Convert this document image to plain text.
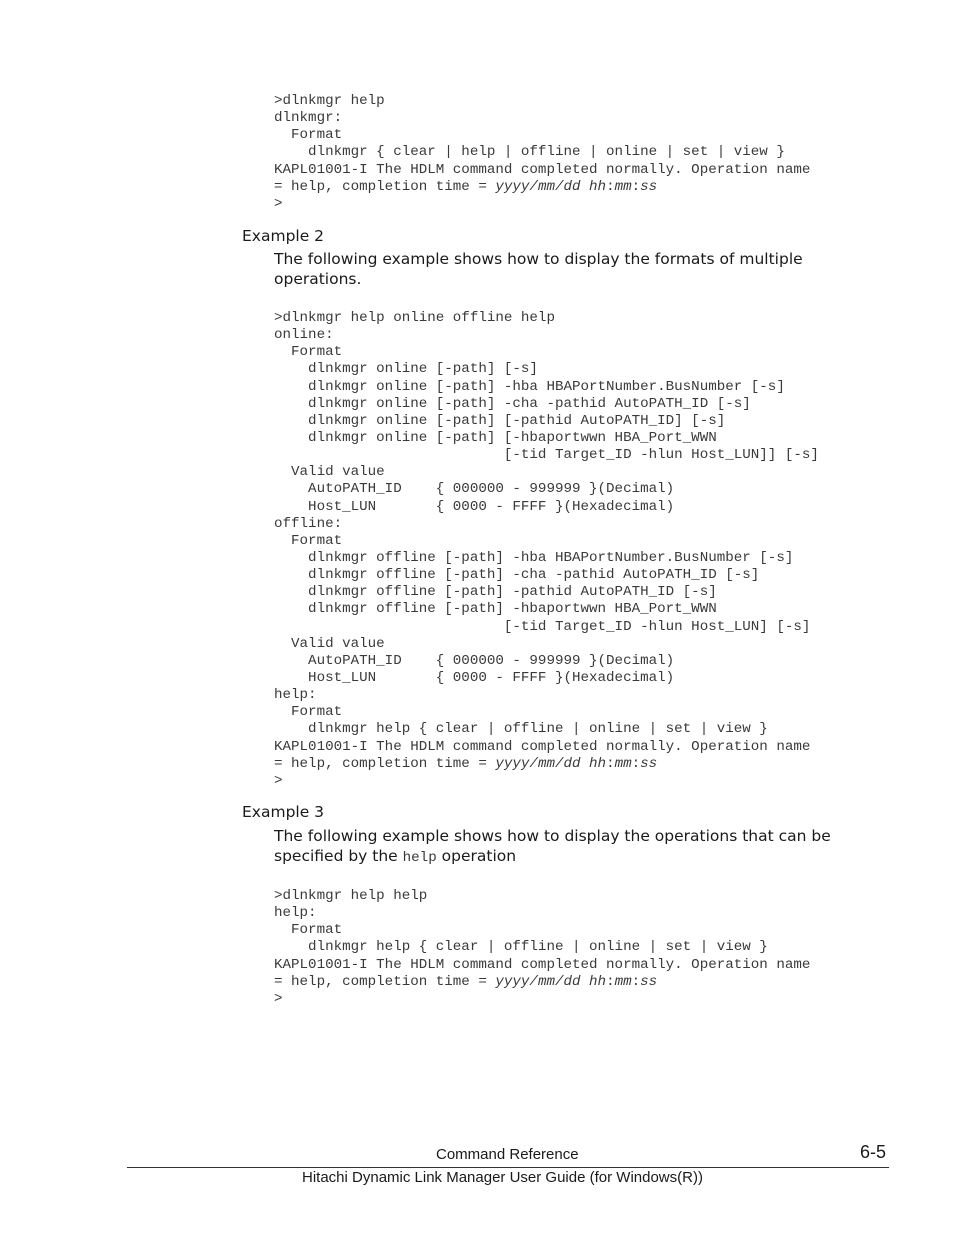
>dlnkmgr help
dlnkmgr:
Format
dlnkmgr { clear | help | offline | online | set | view }
KAPL01001-I The HDLM command completed normally. Operation name
= help, completion time = yyyy/mm/dd hh:mm:ss
>

Example 2

The following example shows how to display the formats of multiple operations.

>dlnkmgr help online offline help
online:
Format
dlnkmgr online [-path] [-s]
dlnkmgr online [-path] -hba HBAPortNumber.BusNumber [-s]
dlnkmgr online [-path] -cha -pathid AutoPATH_ID [-s]
dlnkmgr online [-path] [-pathid AutoPATH_ID] [-s]
dlnkmgr online [-path] [-hbaportwwn HBA_Port_WWN
[-tid Target_ID -hlun Host_LUN]] [-s]
Valid value
AutoPATH_ID    { 000000 - 999999 }(Decimal)
Host_LUN       { 0000 - FFFF }(Hexadecimal)
offline:
Format
dlnkmgr offline [-path] -hba HBAPortNumber.BusNumber [-s]
dlnkmgr offline [-path] -cha -pathid AutoPATH_ID [-s]
dlnkmgr offline [-path] -pathid AutoPATH_ID [-s]
dlnkmgr offline [-path] -hbaportwwn HBA_Port_WWN
[-tid Target_ID -hlun Host_LUN] [-s]
Valid value
AutoPATH_ID    { 000000 - 999999 }(Decimal)
Host_LUN       { 0000 - FFFF }(Hexadecimal)
help:
Format
dlnkmgr help { clear | offline | online | set | view }
KAPL01001-I The HDLM command completed normally. Operation name
= help, completion time = yyyy/mm/dd hh:mm:ss
>

Example 3

The following example shows how to display the operations that can be specified by the help operation

>dlnkmgr help help
help:
Format
dlnkmgr help { clear | offline | online | set | view }
KAPL01001-I The HDLM command completed normally. Operation name
= help, completion time = yyyy/mm/dd hh:mm:ss
>
Command Reference	6-5
Hitachi Dynamic Link Manager User Guide (for Windows(R))
